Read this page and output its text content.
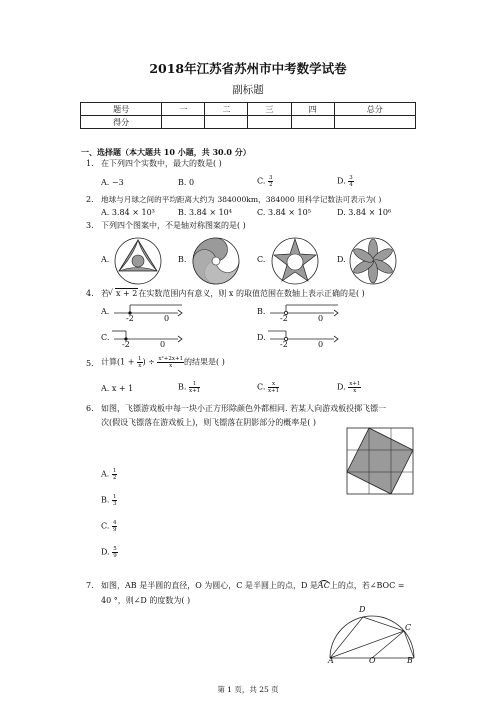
2018年江苏省苏州市中考数学试卷
副标题
题号	一	二	三	四	总分
得分					
一、选择题（本大题共 10 小题，共 30.0 分）
1. 在下列四个实数中，最大的数是( )
A. −3	B. 0	C. $\frac{3}{2}$	D. $\frac{3}{4}$
2. 地球与月球之间的平均距离大约为 384000km，384000 用科学记数法可表示为( )
A. 3.84 × 10³	B. 3.84 × 10⁴	C. 3.84 × 10⁵	D. 3.84 × 10⁶
3. 下列四个图案中，不是轴对称图案的是( )
A.	B.	C.	D.
4. 若 √ x + 2在实数范围内有意义，则 x 的取值范围在数轴上表示正确的是( )
A.	B.
C.	D.
-2	0	-2	0
-2	0	-2	0
5. 计算($1 + \frac{1}{x}$ ) ÷ $\frac{\text{x²+2x+1}}{x}$ 的结果是( )
A. x + 1	B. $\frac{1}{x+1}$	C. $\frac{x}{x+1}$	D. $\frac{x+1}{x}$
6. 如图，飞镖游戏板中每一块小正方形除颜色外都相同. 若某人向游戏板投掷飞镖一
次(假设飞镖落在游戏板上)，则飞镖落在阴影部分的概率是( )
A. $\frac{1}{2}$
B. $\frac{1}{3}$
C. $\frac{4}{9}$
D. $\frac{5}{9}$
7. 如图，AB 是半圆的直径，O 为圆心，C 是半圆上的点，D 是AC上的点，若∠BOC =
40 °，则∠D 的度数为( )
A	O	B
C
D
第 1 页，共 25 页
